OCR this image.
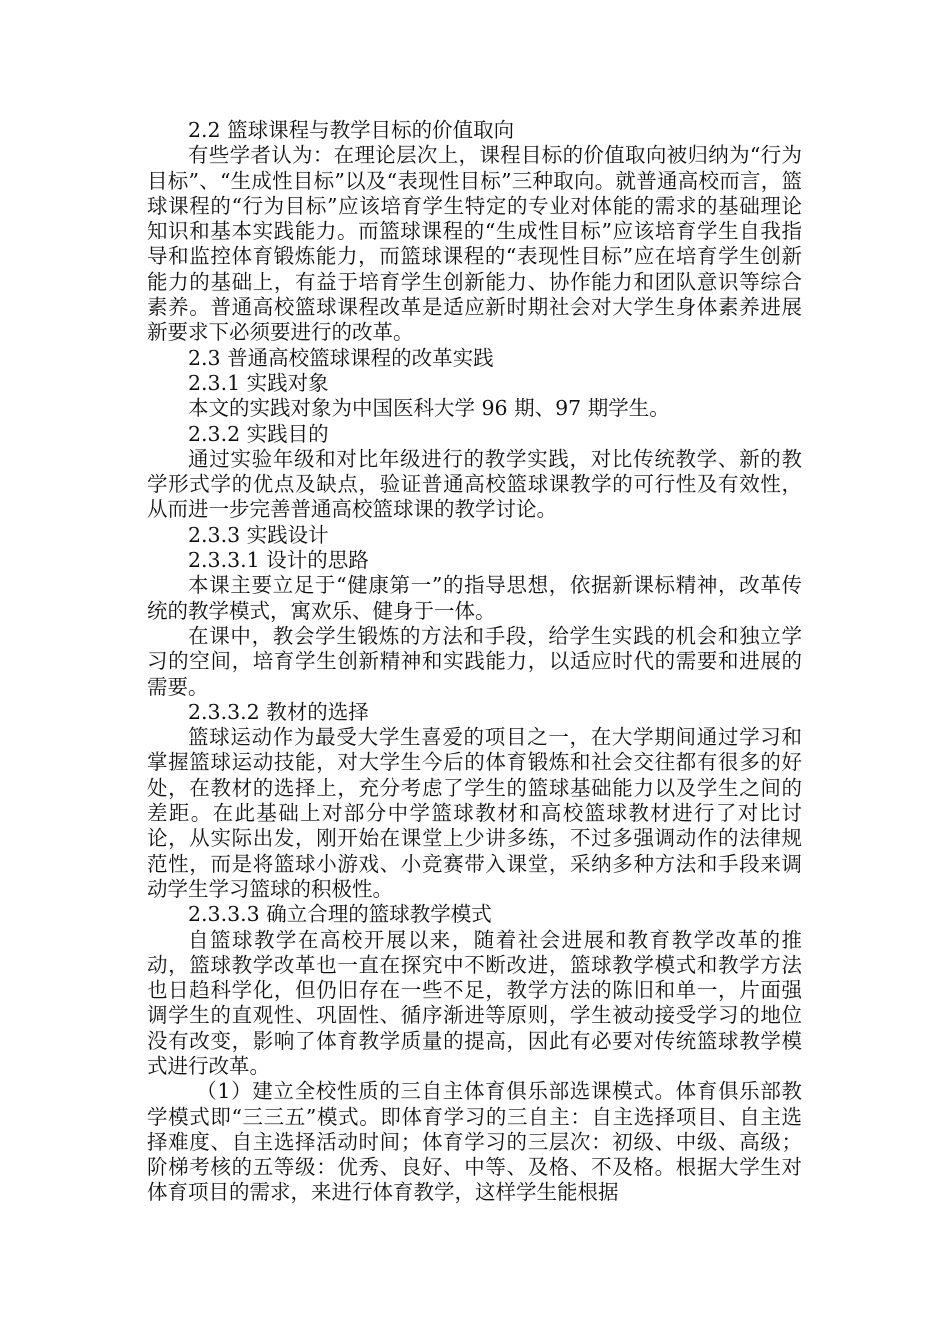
2.2 篮球课程与教学目标的价值取向

有些学者认为：在理论层次上，课程目标的价值取向被归纳为“行为目标”、“生成性目标”以及“表现性目标”三种取向。就普通高校而言，篮球课程的“行为目标”应该培育学生特定的专业对体能的需求的基础理论知识和基本实践能力。而篮球课程的“生成性目标”应该培育学生自我指导和监控体育锻炼能力，而篮球课程的“表现性目标”应在培育学生创新能力的基础上，有益于培育学生创新能力、协作能力和团队意识等综合素养。普通高校篮球课程改革是适应新时期社会对大学生身体素养进展新要求下必须要进行的改革。

2.3 普通高校篮球课程的改革实践

2.3.1 实践对象

本文的实践对象为中国医科大学 96 期、97 期学生。

2.3.2 实践目的

通过实验年级和对比年级进行的教学实践，对比传统教学、新的教学形式学的优点及缺点，验证普通高校篮球课教学的可行性及有效性，从而进一步完善普通高校篮球课的教学讨论。

2.3.3 实践设计

2.3.3.1 设计的思路

本课主要立足于“健康第一”的指导思想，依据新课标精神，改革传统的教学模式，寓欢乐、健身于一体。

在课中，教会学生锻炼的方法和手段，给学生实践的机会和独立学习的空间，培育学生创新精神和实践能力，以适应时代的需要和进展的需要。

2.3.3.2 教材的选择

篮球运动作为最受大学生喜爱的项目之一，在大学期间通过学习和掌握篮球运动技能，对大学生今后的体育锻炼和社会交往都有很多的好处，在教材的选择上，充分考虑了学生的篮球基础能力以及学生之间的差距。在此基础上对部分中学篮球教材和高校篮球教材进行了对比讨论，从实际出发，刚开始在课堂上少讲多练，不过多强调动作的法律规范性，而是将篮球小游戏、小竞赛带入课堂，采纳多种方法和手段来调动学生学习篮球的积极性。

2.3.3.3 确立合理的篮球教学模式

自篮球教学在高校开展以来，随着社会进展和教育教学改革的推动，篮球教学改革也一直在探究中不断改进，篮球教学模式和教学方法也日趋科学化，但仍旧存在一些不足，教学方法的陈旧和单一，片面强调学生的直观性、巩固性、循序渐进等原则，学生被动接受学习的地位没有改变，影响了体育教学质量的提高，因此有必要对传统篮球教学模式进行改革。

（1）建立全校性质的三自主体育俱乐部选课模式。体育俱乐部教学模式即“三三五”模式。即体育学习的三自主：自主选择项目、自主选择难度、自主选择活动时间；体育学习的三层次：初级、中级、高级；阶梯考核的五等级：优秀、良好、中等、及格、不及格。根据大学生对体育项目的需求，来进行体育教学，这样学生能根据
